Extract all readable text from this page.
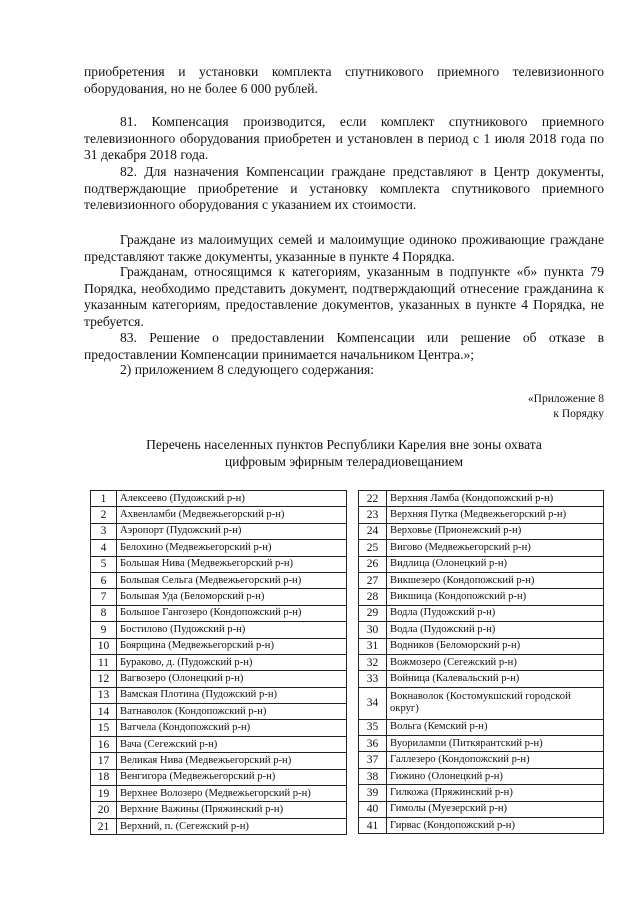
приобретения и установки комплекта спутникового приемного телевизионного оборудования, но не более 6 000 рублей.

81. Компенсация производится, если комплект спутникового приемного телевизионного оборудования приобретен и установлен в период с 1 июля 2018 года по 31 декабря 2018 года.

82. Для назначения Компенсации граждане представляют в Центр документы, подтверждающие приобретение и установку комплекта спутникового приемного телевизионного оборудования с указанием их стоимости.

Граждане из малоимущих семей и малоимущие одиноко проживающие граждане представляют также документы, указанные в пункте 4 Порядка.

Гражданам, относящимся к категориям, указанным в подпункте «б» пункта 79 Порядка, необходимо представить документ, подтверждающий отнесение гражданина к указанным категориям, предоставление документов, указанных в пункте 4 Порядка, не требуется.

83. Решение о предоставлении Компенсации или решение об отказе в предоставлении Компенсации принимается начальником Центра.»;

2) приложением 8 следующего содержания:

«Приложение 8
к Порядку
Перечень населенных пунктов Республики Карелия вне зоны охвата
цифровым эфирным телерадиовещанием
1	Алексеево (Пудожский р-н)
2	Ахвенламби (Медвежьегорский р-н)
3	Аэропорт (Пудожский р-н)
4	Белохино (Медвежьегорский р-н)
5	Большая Нива (Медвежьегорский р-н)
6	Большая Сельга (Медвежьегорский р-н)
7	Большая Уда (Беломорский р-н)
8	Большое Гангозеро (Кондопожский р-н)
9	Бостилово (Пудожский р-н)
10	Боярщина (Медвежьегорский р-н)
11	Бураково, д. (Пудожский р-н)
12	Вагвозеро (Олонецкий р-н)
13	Вамская Плотина (Пудожский р-н)
14	Ватнаволок (Кондопожский р-н)
15	Ватчела (Кондопожский р-н)
16	Вача (Сегежский р-н)
17	Великая Нива (Медвежьегорский р-н)
18	Венгигора (Медвежьегорский р-н)
19	Верхнее Волозеро (Медвежьегорский р-н)
20	Верхние Важины (Пряжинский р-н)
21	Верхний, п. (Сегежский р-н)
22	Верхняя Ламба (Кондопожский р-н)
23	Верхняя Путка (Медвежьегорский р-н)
24	Верховье (Прионежский р-н)
25	Вигово (Медвежьегорский р-н)
26	Видлица (Олонецкий р-н)
27	Викшезеро (Кондопожский р-н)
28	Викшица (Кондопожский р-н)
29	Водла (Пудожский р-н)
30	Водла (Пудожский р-н)
31	Водников (Беломорский р-н)
32	Вожмозеро (Сегежский р-н)
33	Войница (Калевальский р-н)
34	Вокнаволок (Костомукшский городской округ)
35	Вольга (Кемский р-н)
36	Вуорилампи (Питкярантский р-н)
37	Галлезеро (Кондопожский р-н)
38	Гижино (Олонецкий р-н)
39	Гилкожа (Пряжинский р-н)
40	Гимолы (Муезерский р-н)
41	Гирвас (Кондопожский р-н)
